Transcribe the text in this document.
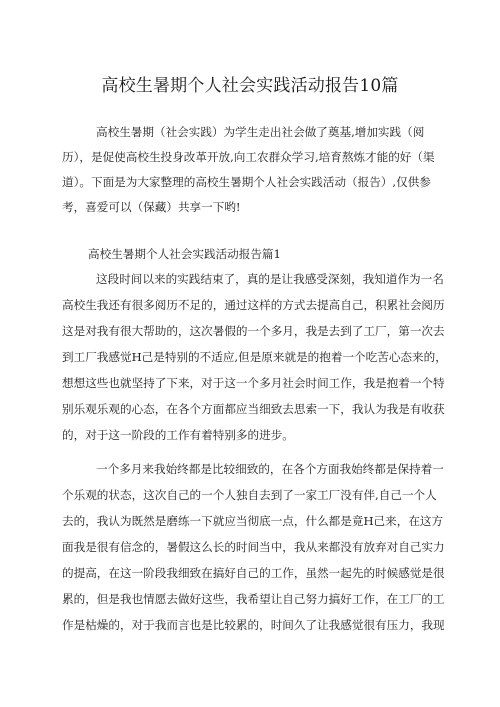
高校生暑期个人社会实践活动报告10篇
高校生暑期（社会实践）为学生走出社会做了奠基,增加实践（阅
历），是促使高校生投身改革开放,向工农群众学习,培育熬炼才能的好（渠
道）。下面是为大家整理的高校生暑期个人社会实践活动（报告）,仅供参
考，喜爱可以（保藏）共享一下哟!
高校生暑期个人社会实践活动报告篇1
这段时间以来的实践结束了，真的是让我感受深刻，我知道作为一名
高校生我还有很多阅历不足的，通过这样的方式去提高自己，积累社会阅历
这是对我有很大帮助的，这次暑假的一个多月，我是去到了工厂，第一次去
到工厂我感觉H己是特别的不适应,但是原来就是的抱着一个吃苦心态来的，
想想这些也就坚持了下来，对于这一个多月社会时间工作，我是抱着一个特
别乐观乐观的心态，在各个方面都应当细致去思索一下，我认为我是有收获
的，对于这一阶段的工作有着特别多的进步。
一个多月来我始终都是比较细致的，在各个方面我始终都是保持着一
个乐观的状态，这次自己的一个人独自去到了一家工厂没有伴,自己一个人
去的，我认为既然是磨练一下就应当彻底一点，什么都是竟H己来，在这方
面我是很有信念的，暑假这么长的时间当中，我从来都没有放弃对自己实力
的提高，在这一阶段我细致在搞好自己的工作，虽然一起先的时候感觉是很
累的，但是我也情愿去做好这些，我希望让自己努力搞好工作，在工厂的工
作是枯燥的，对于我而言也是比较累的，时间久了让我感觉很有压力，我现
